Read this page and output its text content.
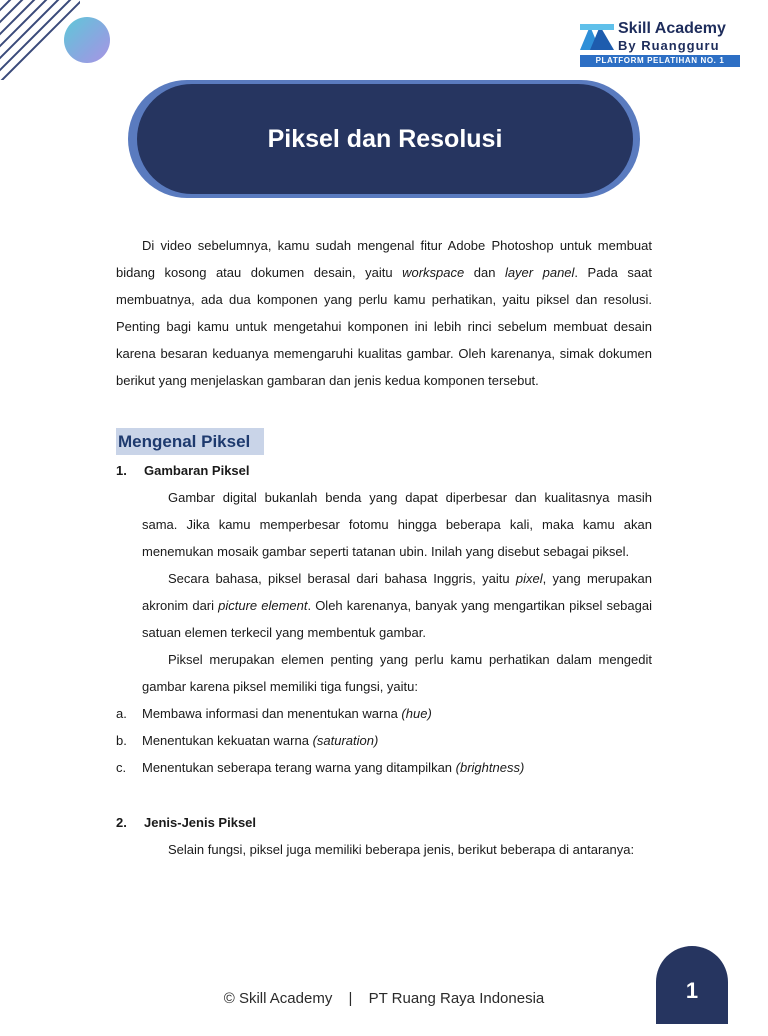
Skill Academy
By Ruangguru
PLATFORM PELATIHAN NO. 1
Piksel dan Resolusi

Di video sebelumnya, kamu sudah mengenal fitur Adobe Photoshop untuk membuat bidang kosong atau dokumen desain, yaitu workspace dan layer panel. Pada saat membuatnya, ada dua komponen yang perlu kamu perhatikan, yaitu piksel dan resolusi. Penting bagi kamu untuk mengetahui komponen ini lebih rinci sebelum membuat desain karena besaran keduanya memengaruhi kualitas gambar. Oleh karenanya, simak dokumen berikut yang menjelaskan gambaran dan jenis kedua komponen tersebut.

Mengenal Piksel
1.	Gambaran Piksel

Gambar digital bukanlah benda yang dapat diperbesar dan kualitasnya masih sama. Jika kamu memperbesar fotomu hingga beberapa kali, maka kamu akan menemukan mosaik gambar seperti tatanan ubin. Inilah yang disebut sebagai piksel.

Secara bahasa, piksel berasal dari bahasa Inggris, yaitu pixel, yang merupakan akronim dari picture element. Oleh karenanya, banyak yang mengartikan piksel sebagai satuan elemen terkecil yang membentuk gambar.

Piksel merupakan elemen penting yang perlu kamu perhatikan dalam mengedit gambar karena piksel memiliki tiga fungsi, yaitu:

a.	Membawa informasi dan menentukan warna (hue)
b.	Menentukan kekuatan warna (saturation)
c.	Menentukan seberapa terang warna yang ditampilkan (brightness)
2.	Jenis-Jenis Piksel

Selain fungsi, piksel juga memiliki beberapa jenis, berikut beberapa di antaranya:

© Skill Academy | PT Ruang Raya Indonesia	1
